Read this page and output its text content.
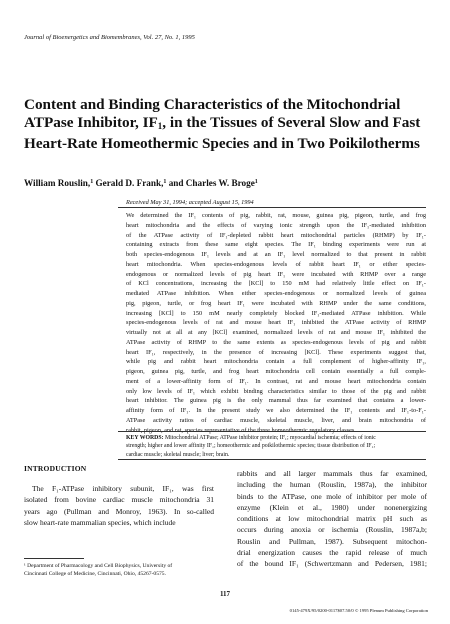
Journal of Bioenergetics and Biomembranes, Vol. 27, No. 1, 1995
Content and Binding Characteristics of the Mitochondrial
ATPase Inhibitor, $IF_1$, in the Tissues of Several Slow and Fast
Heart-Rate Homeothermic Species and in Two Poikilotherms
William Rouslin,$^1$ Gerald D. Frank,$^1$ and Charles W. Broge$^1$
Received May 31, 1994; accepted August 15, 1994
We determined the IF₁ contents of pig, rabbit, rat, mouse, guinea pig, pigeon, turtle, and frog
heart mitochondria and the effects of varying ionic strength upon the IF₁-mediated inhibition
of the ATPase activity of IF₁-depleted rabbit heart mitochondrial particles (RHMP) by IF₁-
containing extracts from these same eight species. The IF₁ binding experiments were run at
both species-endogenous IF₁ levels and at an IF₁ level normalized to that present in rabbit
heart mitochondria. When species-endogenous levels of rabbit heart IF₁ or either species-
endogenous or normalized levels of pig heart IF₁ were incubated with RHMP over a range
of KCl concentrations, increasing the [KCl] to 150 mM had relatively little effect on IF₁-
mediated ATPase inhibition. When either species-endogenous or normalized levels of guinea
pig, pigeon, turtle, or frog heart IF₁ were incubated with RHMP under the same conditions,
increasing [KCl] to 150 mM nearly completely blocked IF₁-mediated ATPase inhibition. While
species-endogenous levels of rat and mouse heart IF₁ inhibited the ATPase activity of RHMP
virtually not at all at any [KCl] examined, normalized levels of rat and mouse IF₁ inhibited the
ATPase activity of RHMP to the same extents as species-endogenous levels of pig and rabbit
heart IF₁, respectively, in the presence of increasing [KCl]. These experiments suggest that,
while pig and rabbit heart mitochondria contain a full complement of higher-affinity IF₁,
pigeon, guinea pig, turtle, and frog heart mitochondria cell contain essentially a full comple-
ment of a lower-affinity form of IF₁. In contrast, rat and mouse heart mitochondria contain
only low levels of IF₁ which exhibit binding characteristics similar to those of the pig and rabbit
heart inhibitor. The guinea pig is the only mammal thus far examined that contains a lower-
affinity form of IF₁. In the present study we also determined the IF₁ contents and IF₁-to-F₁-
ATPase activity ratios of cardiac muscle, skeletal muscle, liver, and brain mitochondria of
rabbit, pigeon, and rat, species representative of the three homeothermic regulatory classes.
KEY WORDS: Mitochondrial ATPase; ATPase inhibitor protein; IF₁; myocardial ischemia; effects of ionic
strength; higher and lower affinity IF₁; homeothermic and poikilothermic species; tissue distribution of IF₁;
cardiac muscle; skeletal muscle; liver; brain.
INTRODUCTION
The F₁-ATPase inhibitory subunit, IF₁, was first
isolated from bovine cardiac muscle mitochondria 31
years ago (Pullman and Monroy, 1963). In so-called
slow heart-rate mammalian species, which include
rabbits and all larger mammals thus far examined,
including the human (Rouslin, 1987a), the inhibitor
binds to the ATPase, one mole of inhibitor per mole of
enzyme (Klein et al., 1980) under nonenergizing
conditions at low mitochondrial matrix pH such as
occurs during anoxia or ischemia (Rouslin, 1987a,b;
Rouslin and Pullman, 1987). Subsequent mitochon-
drial energization causes the rapid release of much
of the bound IF₁ (Schwertzmann and Pedersen, 1981;
¹ Department of Pharmacology and Cell Biophysics, University of
Cincinnati College of Medicine, Cincinnati, Ohio, 45267-0575.
117
0145-479X/95/0200-0117$07.50/0 © 1995 Plenum Publishing Corporation
